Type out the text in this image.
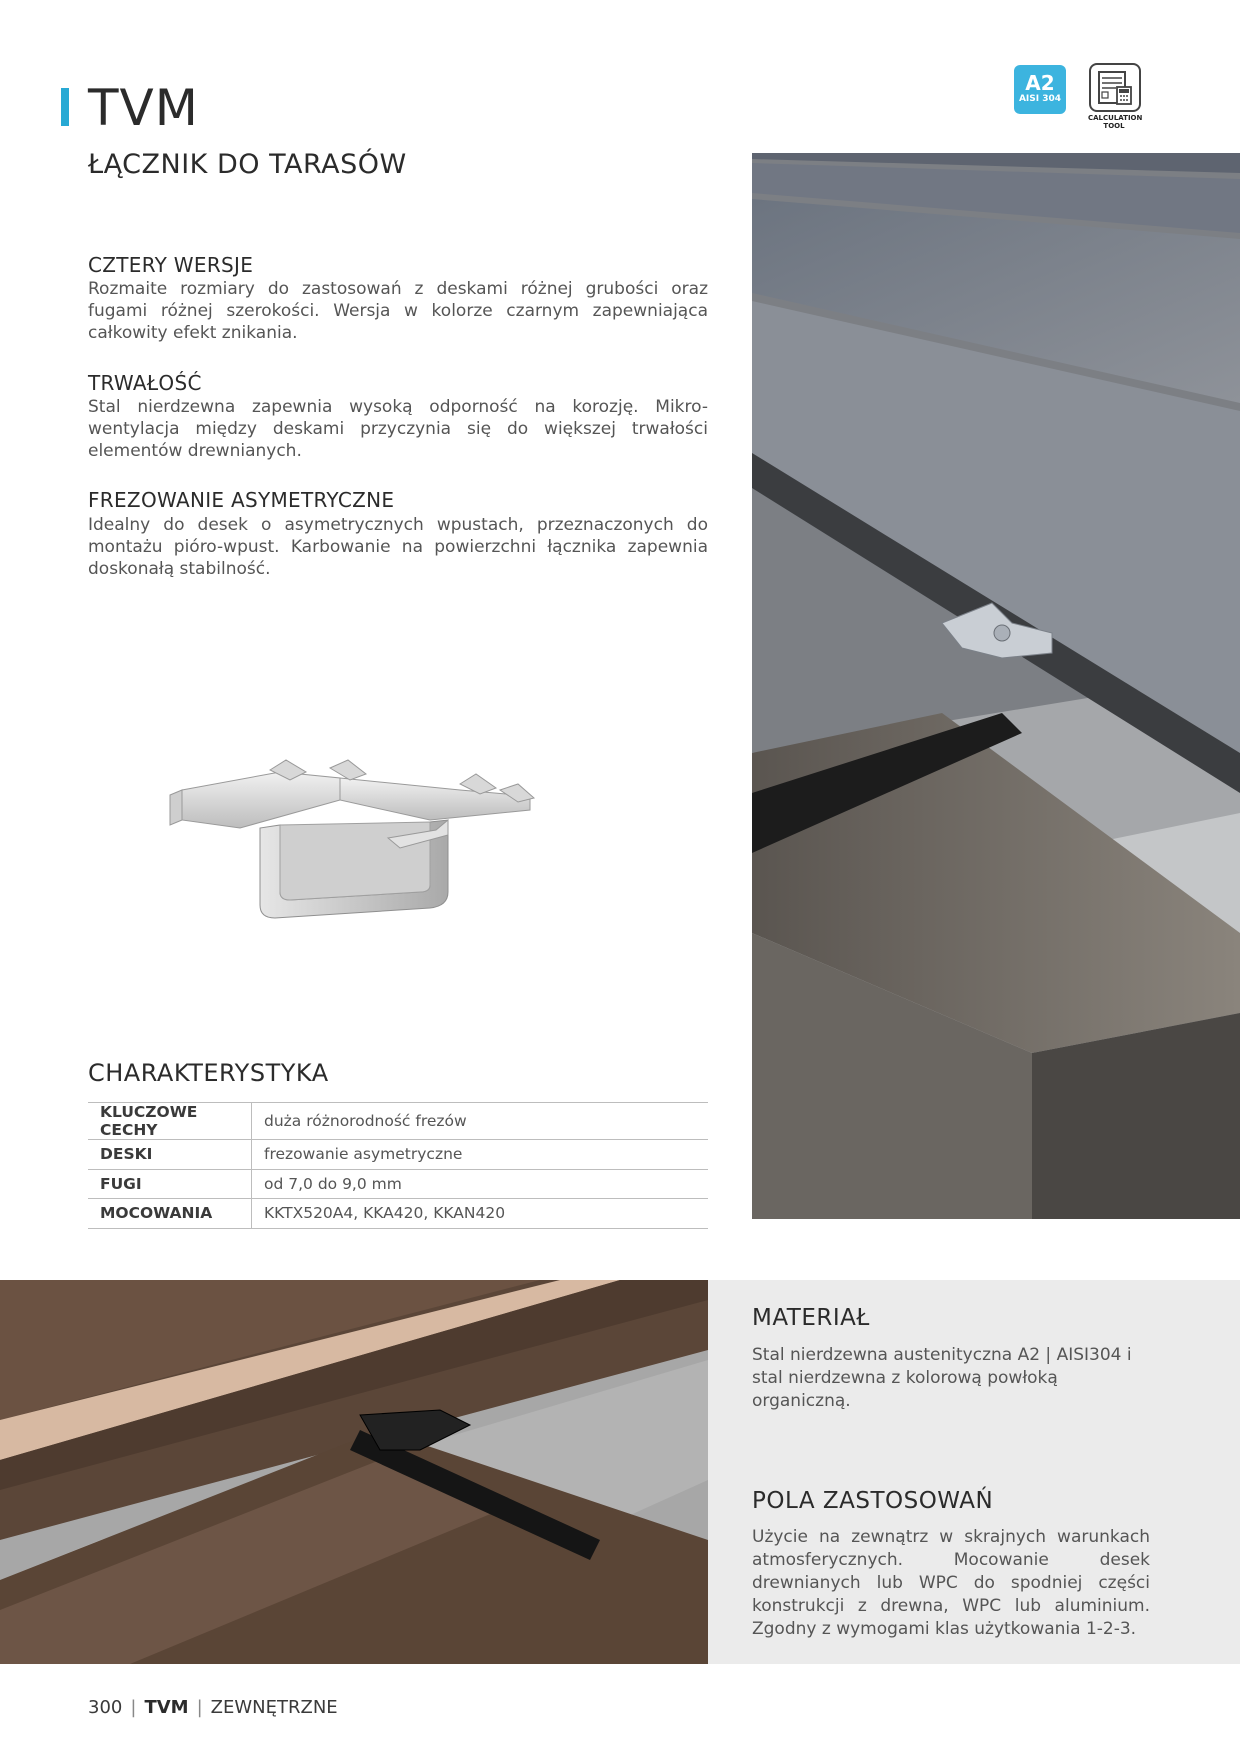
TVM
ŁĄCZNIK DO TARASÓW
A2
AISI 304
CALCULATION
TOOL
CZTERY WERSJE
Rozmaite rozmiary do zastosowań z deskami różnej grubości oraz fugami różnej szerokości. Wersja w kolorze czarnym zapewniająca całkowity efekt znikania.
TRWAŁOŚĆ
Stal nierdzewna zapewnia wysoką odporność na korozję. Mikro-wentylacja między deskami przyczynia się do większej trwałości elementów drewnianych.
FREZOWANIE ASYMETRYCZNE
Idealny do desek o asymetrycznych wpustach, przeznaczonych do montażu pióro-wpust. Karbowanie na powierzchni łącznika zapewnia doskonałą stabilność.
CHARAKTERYSTYKA
KLUCZOWE CECHY	duża różnorodność frezów
DESKI	frezowanie asymetryczne
FUGI	od 7,0 do 9,0 mm
MOCOWANIA	KKTX520A4, KKA420, KKAN420
MATERIAŁ
Stal nierdzewna austenityczna A2 | AISI304 i stal nierdzewna z kolorową powłoką organiczną.
POLA ZASTOSOWAŃ
Użycie na zewnątrz w skrajnych warunkach atmosferycznych. Mocowanie desek drewnianych lub WPC do spodniej części konstrukcji z drewna, WPC lub aluminium. Zgodny z wymogami klas użytkowania 1-2-3.
300 | TVM | ZEWNĘTRZNE
